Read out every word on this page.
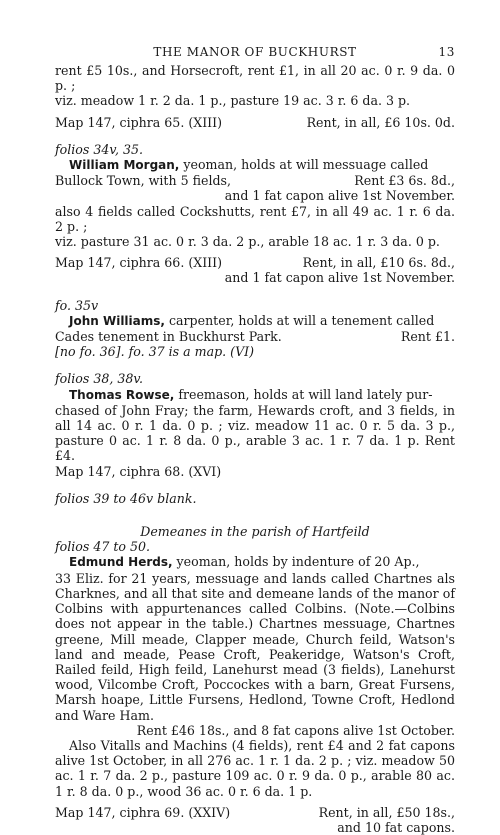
THE MANOR OF BUCKHURST	13
rent £5 10s., and Horsecroft, rent £1, in all 20 ac. 0 r. 9 da. 0 p. ;
viz. meadow 1 r. 2 da. 1 p., pasture 19 ac. 3 r. 6 da. 3 p.
Map 147, ciphra 65. (XIII)	Rent, in all, £6 10s. 0d.
folios 34v, 35.
William Morgan, yeoman, holds at will messuage called
Bullock Town, with 5 fields,	Rent £3 6s. 8d.,
and 1 fat capon alive 1st November.
also 4 fields called Cockshutts, rent £7, in all 49 ac. 1 r. 6 da. 2 p. ;
viz. pasture 31 ac. 0 r. 3 da. 2 p., arable 18 ac. 1 r. 3 da. 0 p.
Map 147, ciphra 66. (XIII)	Rent, in all, £10 6s. 8d.,
and 1 fat capon alive 1st November.
fo. 35v
John Williams, carpenter, holds at will a tenement called
Cades tenement in Buckhurst Park.	Rent £1.
[no fo. 36]. fo. 37 is a map. (VI)
folios 38, 38v.
Thomas Rowse, freemason, holds at will land lately pur-
chased of John Fray; the farm, Hewards croft, and 3 fields, in all 14 ac. 0 r. 1 da. 0 p. ; viz. meadow 11 ac. 0 r. 5 da. 3 p., pasture 0 ac. 1 r. 8 da. 0 p., arable 3 ac. 1 r. 7 da. 1 p. Rent £4.
Map 147, ciphra 68. (XVI)
folios 39 to 46v blank.
Demeanes in the parish of Hartfeild
folios 47 to 50.
Edmund Herds, yeoman, holds by indenture of 20 Ap.,
33 Eliz. for 21 years, messuage and lands called Chartnes als Charknes, and all that site and demeane lands of the manor of Colbins with appurtenances called Colbins. (Note.—Colbins does not appear in the table.) Chartnes messuage, Chartnes greene, Mill meade, Clapper meade, Church feild, Watson's land and meade, Pease Croft, Peakeridge, Watson's Croft, Railed feild, High feild, Lanehurst mead (3 fields), Lanehurst wood, Vilcombe Croft, Poccockes with a barn, Great Fursens, Marsh hoape, Little Fursens, Hedlond, Towne Croft, Hedlond and Ware Ham.
Rent £46 18s., and 8 fat capons alive 1st October.
Also Vitalls and Machins (4 fields), rent £4 and 2 fat capons alive 1st October, in all 276 ac. 1 r. 1 da. 2 p. ; viz. meadow 50 ac. 1 r. 7 da. 2 p., pasture 109 ac. 0 r. 9 da. 0 p., arable 80 ac. 1 r. 8 da. 0 p., wood 36 ac. 0 r. 6 da. 1 p.
Map 147, ciphra 69. (XXIV)	Rent, in all, £50 18s.,
and 10 fat capons.
